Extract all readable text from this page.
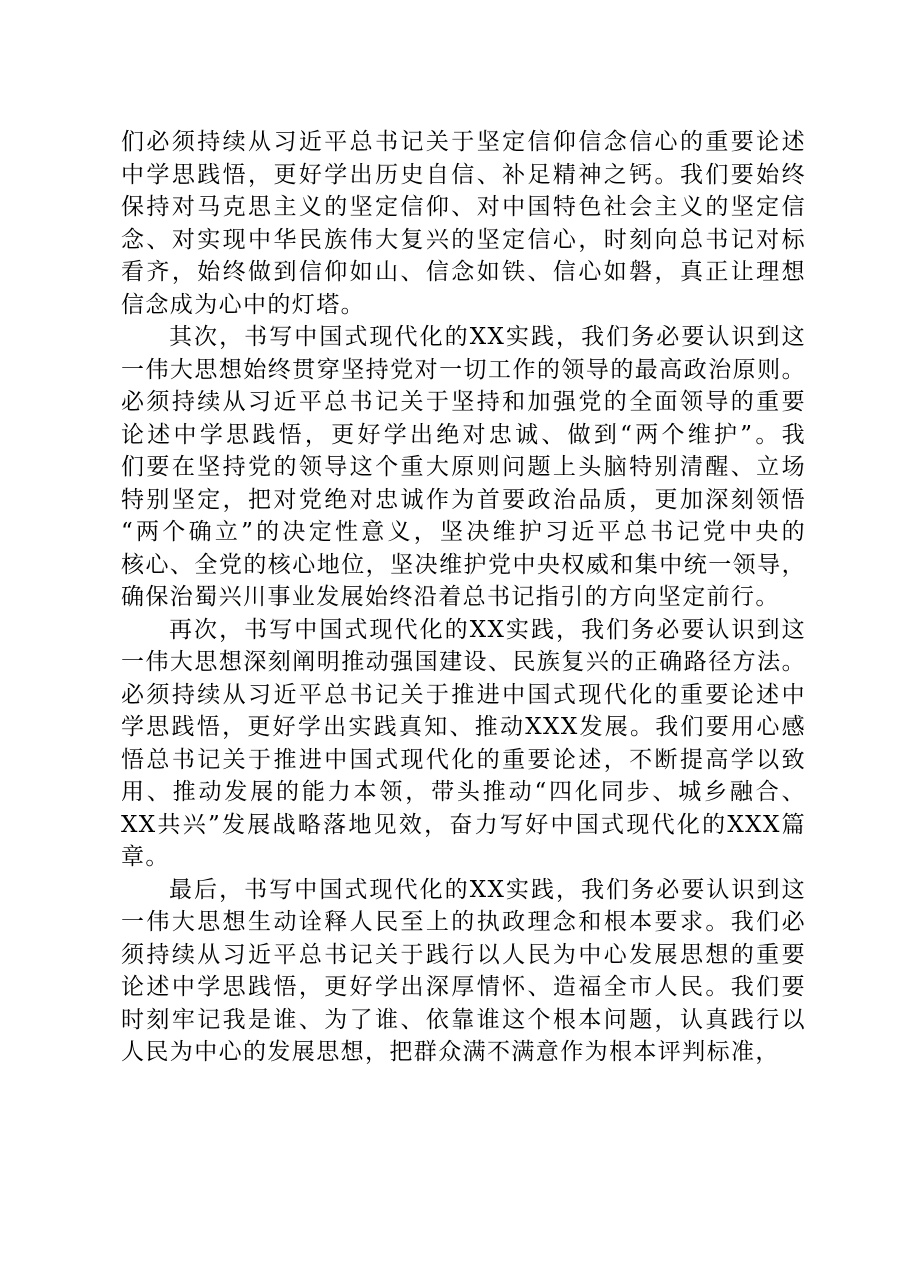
们必须持续从习近平总书记关于坚定信仰信念信心的重要论述
中学思践悟，更好学出历史自信、补足精神之钙。我们要始终
保持对马克思主义的坚定信仰、对中国特色社会主义的坚定信
念、对实现中华民族伟大复兴的坚定信心，时刻向总书记对标
看齐，始终做到信仰如山、信念如铁、信心如磐，真正让理想
信念成为心中的灯塔。
其次，书写中国式现代化的XX实践，我们务必要认识到这
一伟大思想始终贯穿坚持党对一切工作的领导的最高政治原则。
必须持续从习近平总书记关于坚持和加强党的全面领导的重要
论述中学思践悟，更好学出绝对忠诚、做到“两个维护”。我
们要在坚持党的领导这个重大原则问题上头脑特别清醒、立场
特别坚定，把对党绝对忠诚作为首要政治品质，更加深刻领悟
“两个确立”的决定性意义，坚决维护习近平总书记党中央的
核心、全党的核心地位，坚决维护党中央权威和集中统一领导，
确保治蜀兴川事业发展始终沿着总书记指引的方向坚定前行。
再次，书写中国式现代化的XX实践，我们务必要认识到这
一伟大思想深刻阐明推动强国建设、民族复兴的正确路径方法。
必须持续从习近平总书记关于推进中国式现代化的重要论述中
学思践悟，更好学出实践真知、推动XXX发展。我们要用心感
悟总书记关于推进中国式现代化的重要论述，不断提高学以致
用、推动发展的能力本领，带头推动“四化同步、城乡融合、
XX共兴”发展战略落地见效，奋力写好中国式现代化的XXX篇
章。
最后，书写中国式现代化的XX实践，我们务必要认识到这
一伟大思想生动诠释人民至上的执政理念和根本要求。我们必
须持续从习近平总书记关于践行以人民为中心发展思想的重要
论述中学思践悟，更好学出深厚情怀、造福全市人民。我们要
时刻牢记我是谁、为了谁、依靠谁这个根本问题，认真践行以
人民为中心的发展思想，把群众满不满意作为根本评判标准，
